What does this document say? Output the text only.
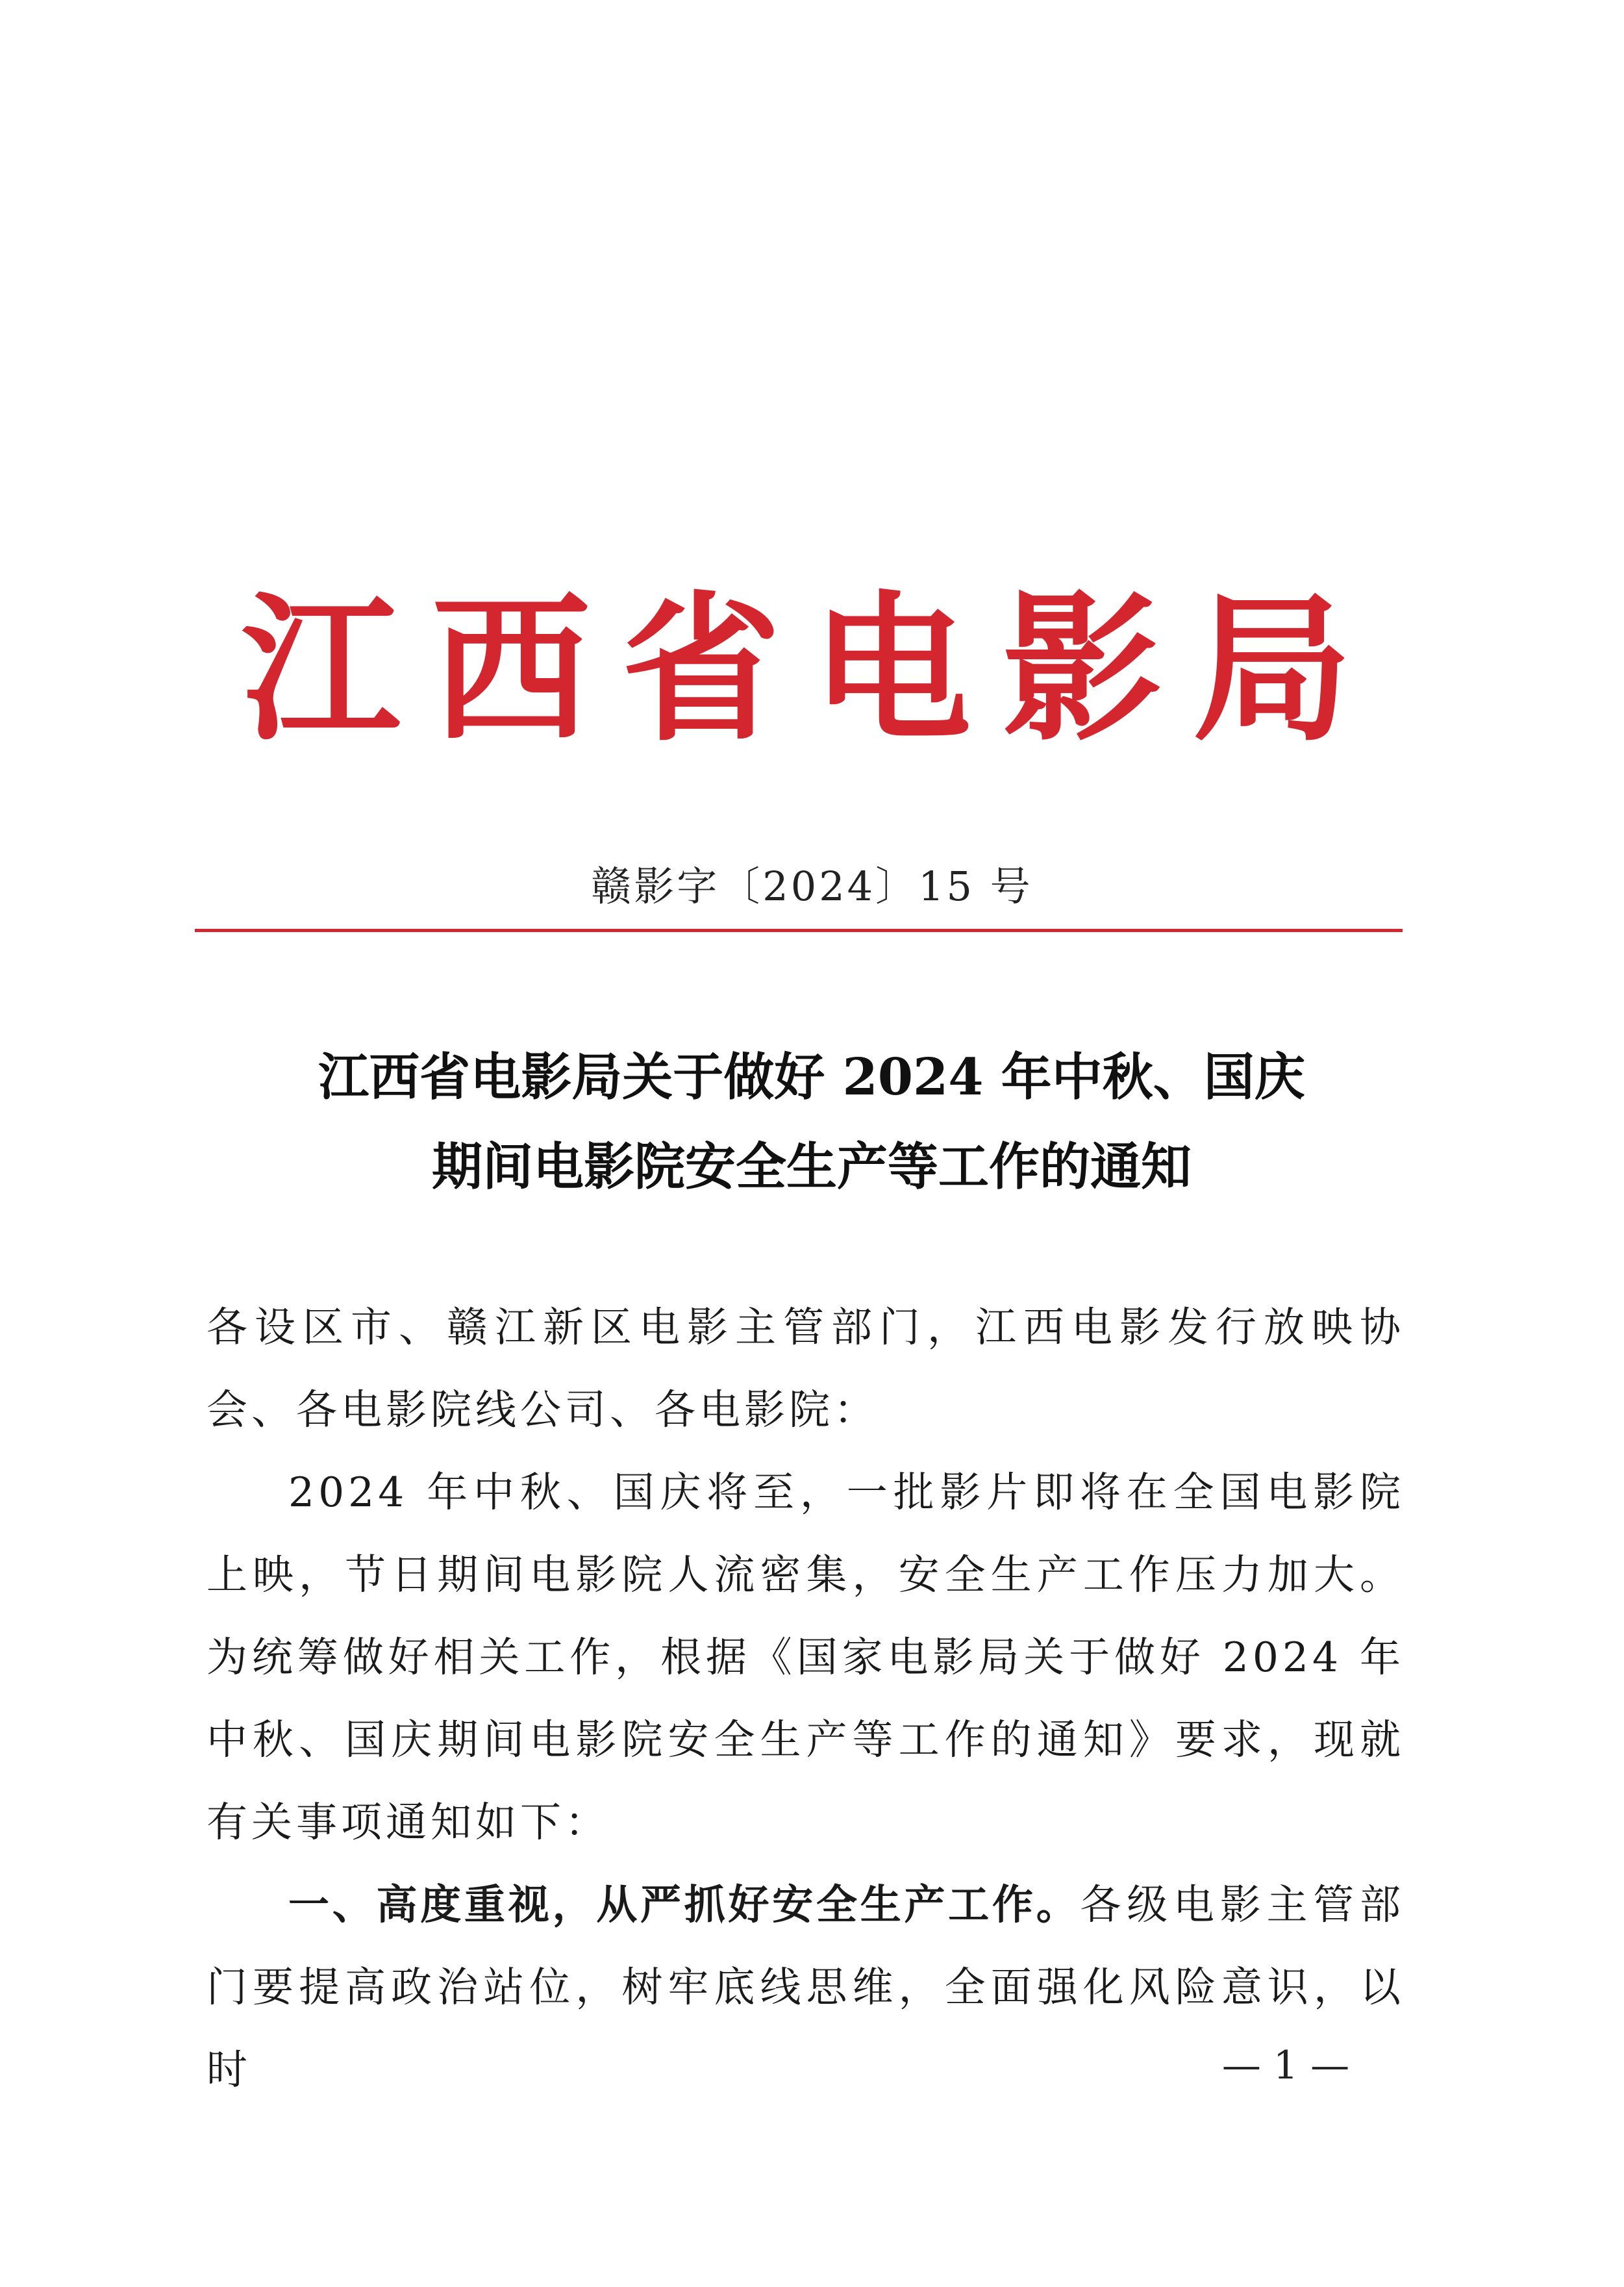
江西省电影局
赣影字〔2024〕15 号
江西省电影局关于做好 2024 年中秋、国庆
期间电影院安全生产等工作的通知

各设区市、赣江新区电影主管部门，江西电影发行放映协会、各电影院线公司、各电影院：

2024 年中秋、国庆将至，一批影片即将在全国电影院上映，节日期间电影院人流密集，安全生产工作压力加大。为统筹做好相关工作，根据《国家电影局关于做好 2024 年中秋、国庆期间电影院安全生产等工作的通知》要求，现就有关事项通知如下：

一、高度重视，从严抓好安全生产工作。各级电影主管部门要提高政治站位，树牢底线思维，全面强化风险意识，以时	— 1 —
